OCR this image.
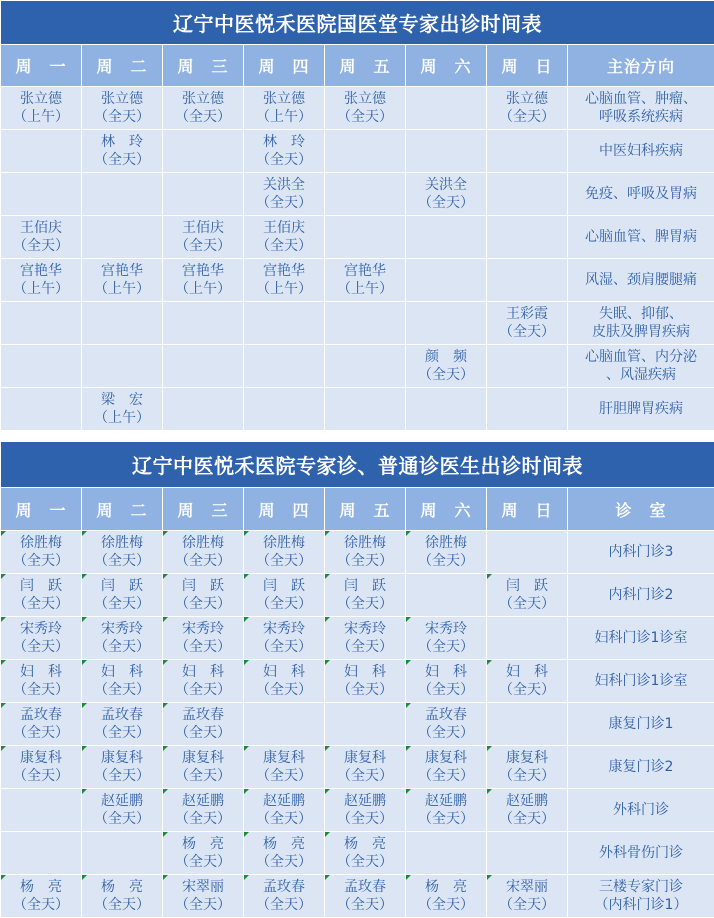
辽宁中医悦禾医院国医堂专家出诊时间表							
周　一	周　二	周　三	周　四	周　五	周　六	周　日	主治方向
张立德
（上午）	张立德
（全天）	张立德
（全天）	张立德
（上午）	张立德
（全天）		张立德
（全天）	心脑血管、肿瘤、
呼吸系统疾病
	林　玲
（全天）		林　玲
（全天）				中医妇科疾病
			关洪全
（全天）		关洪全
（全天）		免疫、呼吸及胃病
王佰庆
（全天）		王佰庆
（全天）	王佰庆
（全天）				心脑血管、脾胃病
宫艳华
（上午）	宫艳华
（上午）	宫艳华
（上午）	宫艳华
（上午）	宫艳华
（上午）			风湿、颈肩腰腿痛
						王彩霞
（全天）	失眠、抑郁、
皮肤及脾胃疾病
					颜　频
（全天）		心脑血管、内分泌
、风湿疾病
	梁　宏
（上午）						肝胆脾胃疾病
辽宁中医悦禾医院专家诊、普通诊医生出诊时间表							
周　一	周　二	周　三	周　四	周　五	周　六	周　日	诊　室
徐胜梅
（全天）	徐胜梅
（全天）	徐胜梅
（全天）	徐胜梅
（全天）	徐胜梅
（全天）	徐胜梅
（全天）		内科门诊3
闫　跃
（全天）	闫　跃
（全天）	闫　跃
（全天）	闫　跃
（全天）	闫　跃
（全天）		闫　跃
（全天）	内科门诊2
宋秀玲
（全天）	宋秀玲
（全天）	宋秀玲
（全天）	宋秀玲
（全天）	宋秀玲
（全天）	宋秀玲
（全天）		妇科门诊1诊室
妇　科
（全天）	妇　科
（全天）	妇　科
（全天）	妇　科
（全天）	妇　科
（全天）	妇　科
（全天）	妇　科
（全天）	妇科门诊1诊室
孟玫春
（全天）	孟玫春
（全天）	孟玫春
（全天）			孟玫春
（全天）		康复门诊1
康复科
（全天）	康复科
（全天）	康复科
（全天）	康复科
（全天）	康复科
（全天）	康复科
（全天）	康复科
（全天）	康复门诊2
	赵延鹏
（全天）	赵延鹏
（全天）	赵延鹏
（全天）	赵延鹏
（全天）	赵延鹏
（全天）	赵延鹏
（全天）	外科门诊
		杨　亮
（全天）	杨　亮
（全天）	杨　亮
（全天）			外科骨伤门诊
杨　亮
（全天）	杨　亮
（全天）	宋翠丽
（全天）	孟玫春
（全天）	孟玫春
（全天）	杨　亮
（全天）	宋翠丽
（全天）	三楼专家门诊
（内科门诊1）
